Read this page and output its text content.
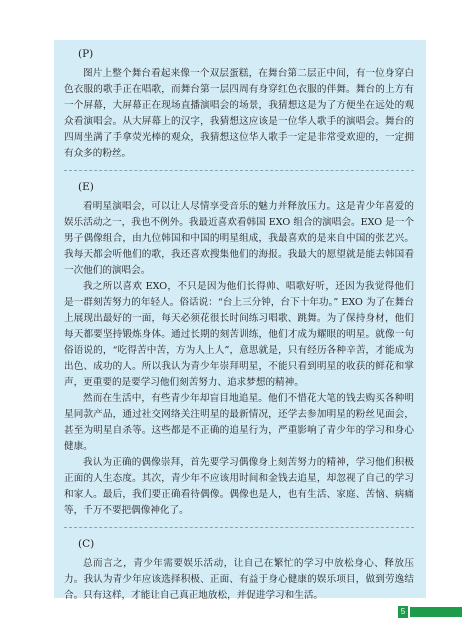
(P)

图片上整个舞台看起来像一个双层蛋糕，在舞台第二层正中间，有一位身穿白色衣服的歌手正在唱歌，而舞台第一层四周有身穿红色衣服的伴舞。舞台的上方有一个屏幕，大屏幕正在现场直播演唱会的场景，我猜想这是为了方便坐在远处的观众看演唱会。从大屏幕上的汉字，我猜想这应该是一位华人歌手的演唱会。舞台的四周坐满了手拿荧光棒的观众，我猜想这位华人歌手一定是非常受欢迎的，一定拥有众多的粉丝。

(E)

看明星演唱会，可以让人尽情享受音乐的魅力并释放压力。这是青少年喜爱的娱乐活动之一，我也不例外。我最近喜欢看韩国 EXO 组合的演唱会。EXO 是一个男子偶像组合，由九位韩国和中国的明星组成，我最喜欢的是来自中国的张艺兴。我每天都会听他们的歌，我还喜欢搜集他们的海报。我最大的愿望就是能去韩国看一次他们的演唱会。

我之所以喜欢 EXO，不只是因为他们长得帅、唱歌好听，还因为我觉得他们是一群刻苦努力的年轻人。俗话说：“台上三分钟，台下十年功。” EXO 为了在舞台上展现出最好的一面，每天必须花很长时间练习唱歌、跳舞。为了保持身材，他们每天都要坚持锻炼身体。通过长期的刻苦训练，他们才成为耀眼的明星。就像一句俗语说的，“吃得苦中苦，方为人上人”，意思就是，只有经历各种辛苦，才能成为出色、成功的人。所以我认为青少年崇拜明星，不能只看到明星的收获的鲜花和掌声，更重要的是要学习他们刻苦努力、追求梦想的精神。

然而在生活中，有些青少年却盲目地追星。他们不惜花大笔的钱去购买各种明星同款产品，通过社交网络关注明星的最新情况，还学去参加明星的粉丝见面会，甚至为明星自杀等。这些都是不正确的追星行为，严重影响了青少年的学习和身心健康。

我认为正确的偶像崇拜，首先要学习偶像身上刻苦努力的精神，学习他们积极正面的人生态度。其次，青少年不应该用时间和金钱去追星，却忽视了自己的学习和家人。最后，我们要正确看待偶像。偶像也是人，也有生活、家庭、苦恼、病痛等，千万不要把偶像神化了。

(C)

总而言之，青少年需要娱乐活动，让自己在繁忙的学习中放松身心、释放压力。我认为青少年应该选择积极、正面、有益于身心健康的娱乐项目，做到劳逸结合。只有这样，才能让自己真正地放松，并促进学习和生活。

5
